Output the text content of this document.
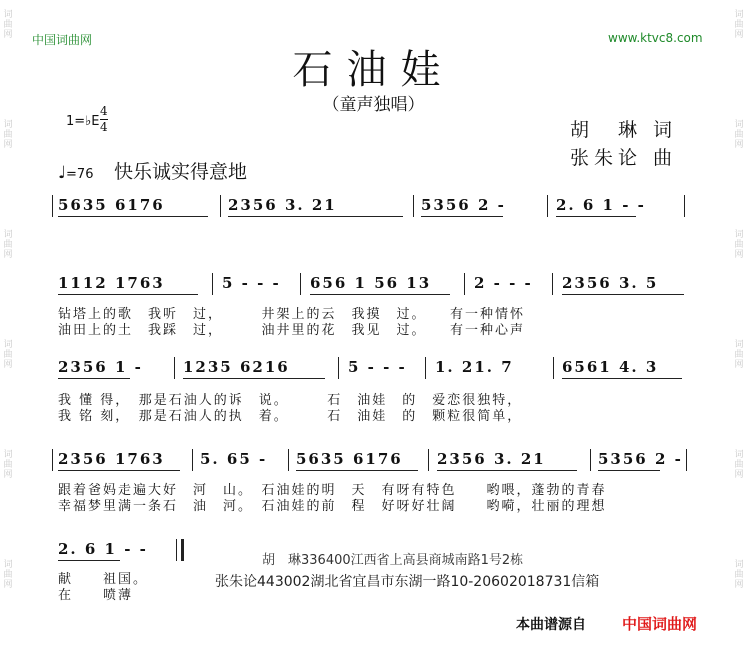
中国词曲网	www.ktvc8.com
石油娃
（童声独唱）
1=♭E
4
4	胡　琳 词
张朱论 曲
♩=76 快乐诚实得意地
5635 6176	2356 3. 21	5356 2 -	2. 6 1 - -
1112 1763	5 - - - 656 1 56 13	2 - - - 2356 3. 5
钻塔上的歌　我听　过，　　　井架上的云　我摸　过。　　有一种情怀
油田上的土　我踩　过，　　　油井里的花　我见　过。　　有一种心声
2356 1 -	1235 6216	5 - - - 1. 21. 7	6561 4. 3
我 懂 得，　那是石油人的诉　说。　　　石　油娃　的　爱恋很独特，
我 铭 刻，　那是石油人的执　着。　　　石　油娃　的　颗粒很简单，
2356 1763 5. 65 - 5635 6176 2356 3. 21	5356 2 -
跟着爸妈走遍大好　河　山。　石油娃的明　天　有呀有特色　　哟喂，蓬勃的青春
幸福梦里满一条石　油　河。　石油娃的前　程　好呀好壮阔　　哟嗬，壮丽的理想
2. 6 1 - -
献　　祖国。
在　　喷薄
胡　琳336400江西省上高县商城南路1号2栋
张朱论443002湖北省宜昌市东湖一路10-20602018731信箱
本曲谱源自 中国词曲网
词曲网
词曲网
词曲网
词曲网
词曲网
词曲网
词曲网
词曲网
词曲网
词曲网
词曲网
词曲网
